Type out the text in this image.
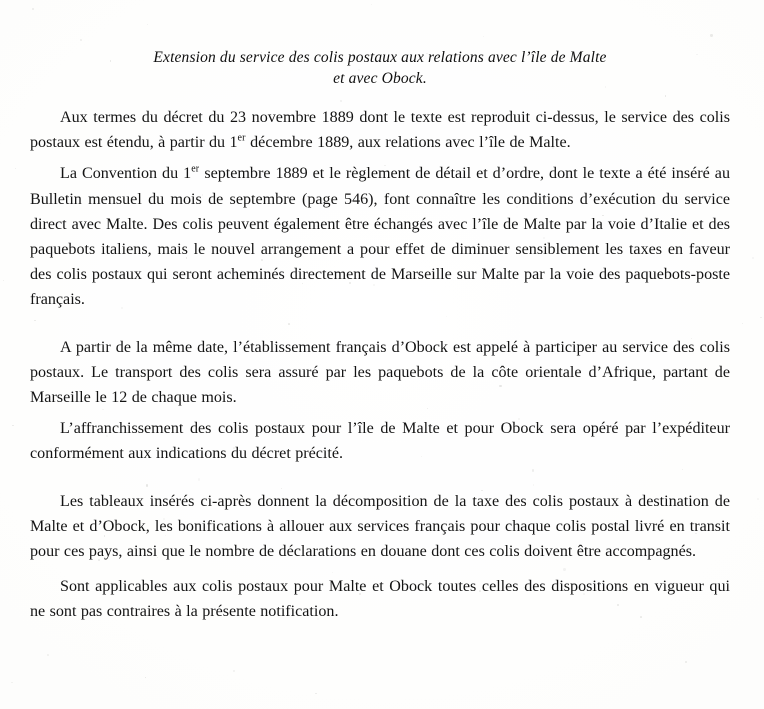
Extension du service des colis postaux aux relations avec l’île de Malte
et avec Obock.

Aux termes du décret du 23 novembre 1889 dont le texte est reproduit ci-dessus, le service des colis postaux est étendu, à partir du 1er décembre 1889, aux relations avec l’île de Malte.

La Convention du 1er septembre 1889 et le règlement de détail et d’ordre, dont le texte a été inséré au Bulletin mensuel du mois de septembre (page 546), font connaître les conditions d’exécution du service direct avec Malte. Des colis peuvent également être échangés avec l’île de Malte par la voie d’Italie et des paquebots italiens, mais le nouvel arrangement a pour effet de diminuer sensiblement les taxes en faveur des colis postaux qui seront acheminés directement de Marseille sur Malte par la voie des paquebots-poste français.

A partir de la même date, l’établissement français d’Obock est appelé à participer au service des colis postaux. Le transport des colis sera assuré par les paquebots de la côte orientale d’Afrique, partant de Marseille le 12 de chaque mois.

L’affranchissement des colis postaux pour l’île de Malte et pour Obock sera opéré par l’expéditeur conformément aux indications du décret précité.

Les tableaux insérés ci-après donnent la décomposition de la taxe des colis postaux à destination de Malte et d’Obock, les bonifications à allouer aux services français pour chaque colis postal livré en transit pour ces pays, ainsi que le nombre de déclarations en douane dont ces colis doivent être accompagnés.

Sont applicables aux colis postaux pour Malte et Obock toutes celles des dispositions en vigueur qui ne sont pas contraires à la présente notification.
